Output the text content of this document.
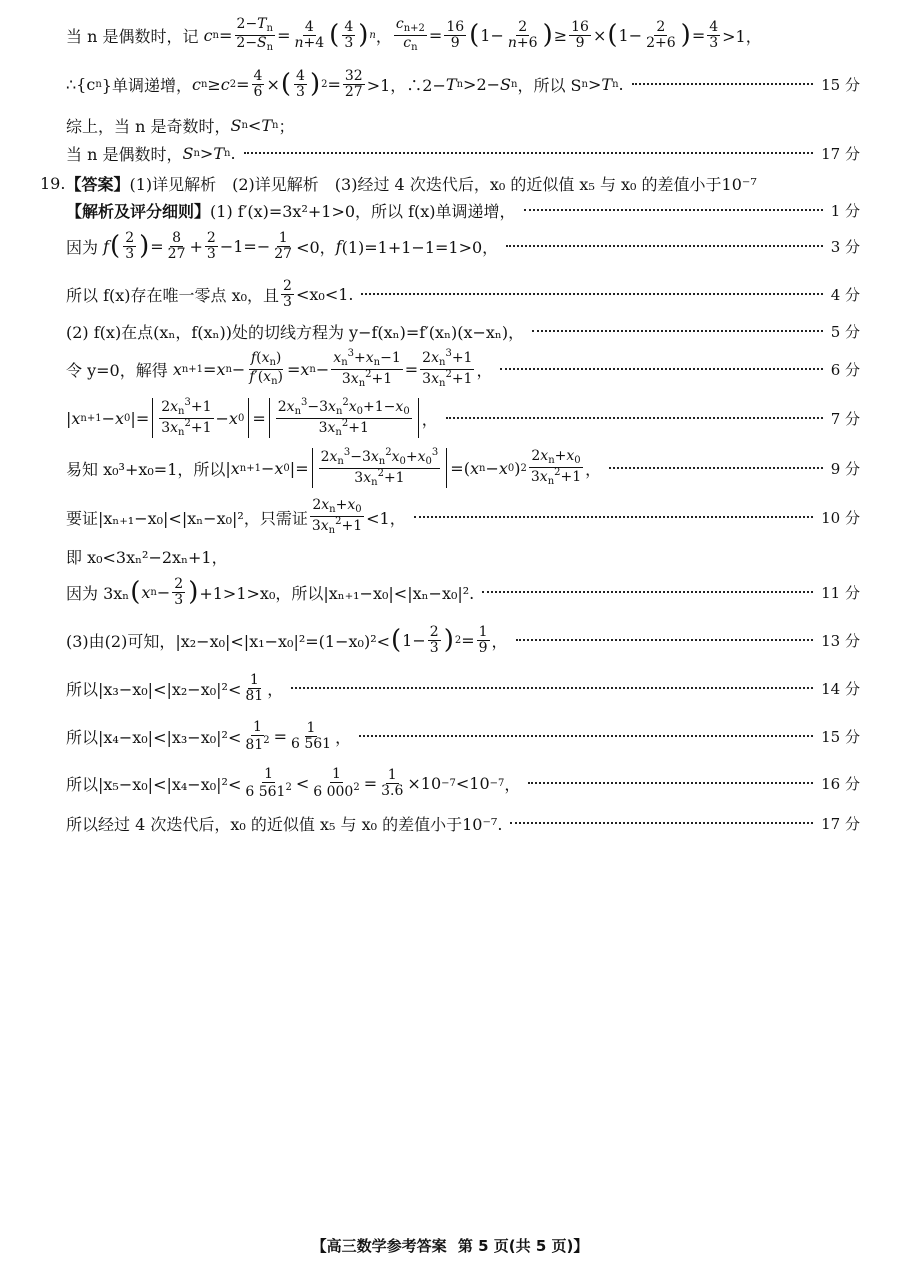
当 n 是偶数时，记
c $n = \frac{2-T_n}{2-S_n} = \frac{4}{n+4}$ ( $\frac{4}{3}$ ) n ， $\frac{c_{n+2}}{c_n} = \frac{16}{9}$ ( $1- \frac{2}{n+6}$ ) ≥ $\frac{16}{9}$ × ( $1- \frac{2}{2+6}$ ) = $\frac{4}{3} >1$，
∴{c n }单调递增， c n ≥ c $2 = \frac{4}{6}$ × ( $\frac{4}{3}$ ) $2 = \frac{32}{27} >1$，∴2− T n >2− S n ， 所以 S n > T n .	15 分
综上，当 n 是奇数时， S n < T n ；
当 n 是偶数时， S n > T n .	17 分
19. 【答案】 (1)详见解析　(2)详见解析　(3)经过 4 次迭代后，x₀ 的近似值 x₅ 与 x₀ 的差值小于10⁻⁷
【解析及评分细则】 (1) f′(x)=3x²+1>0，所以 f(x)单调递增，	1 分
因为
f ( $\frac{2}{3}$ ) = $\frac{8}{27} + \frac{2}{3} -1=- \frac{1}{27} <0$， f (1)=1+1−1=1>0，	3 分
所以 f(x)存在唯一零点 x₀，且 $\frac{2}{3} <x_0<1$.	4 分
(2) f(x)在点(xₙ，f(xₙ))处的切线方程为 y−f(xₙ)=f′(xₙ)(x−xₙ)，	5 分
令 y=0，解得
x n+1 = x $n - \frac{f(x_n)}{f'(x_n)} = x$ $n - \frac{x_n^3+x_n-1}{3x_n^2+1} = \frac{2x_n^3+1}{3x_n^2+1}$ ，	6 分
| x n+1 − x 0 |= $\frac{2x_n^3+1}{3x_n^2+1} - x$ $0 = \frac{2x_n^3-3x_n^2x_0+1-x_0}{3x_n^2+1}$ ，	7 分
易知 x₀³+x₀=1，所以 | x n+1 − x 0 |= $\frac{2x_n^3-3x_n^2x_0+x_0^3}{3x_n^2+1}$ =( x n − x 0 ) $2 \frac{2x_n+x_0}{3x_n^2+1}$ ，	9 分
要证|xₙ₊₁−x₀|<|xₙ−x₀|²，只需证 $\frac{2x_n+x_0}{3x_n^2+1} <1$，	10 分
即 x₀<3xₙ²−2xₙ+1，
因为 3xₙ ( x $n - \frac{2}{3}$ ) +1>1>x₀，所以|xₙ₊₁−x₀|<|xₙ−x₀|².	11 分
(3)由(2)可知，|x₂−x₀|<|x₁−x₀|²=(1−x₀)²< ( $1- \frac{2}{3}$ ) $2 = \frac{1}{9}$ ，	13 分
所以$|x_3-x_0|<|x_2-x_0|^2< \frac{1}{81}$ ，	14 分
所以$|x_4-x_0|<|x_3-x_0|^2< \frac{1}{81^2} = \frac{1}{6 561}$ ，	15 分
所以$|x_5-x_0|<|x_4-x_0|^2< \frac{1}{6 561^2} < \frac{1}{6 000^2} = \frac{1}{3.6} \times 10 -7 <10 -7$ ，	16 分
所以经过 4 次迭代后，x₀ 的近似值 x₅ 与 x₀ 的差值小于10⁻⁷.	17 分
【高三数学参考答案 第 5 页(共 5 页)】
